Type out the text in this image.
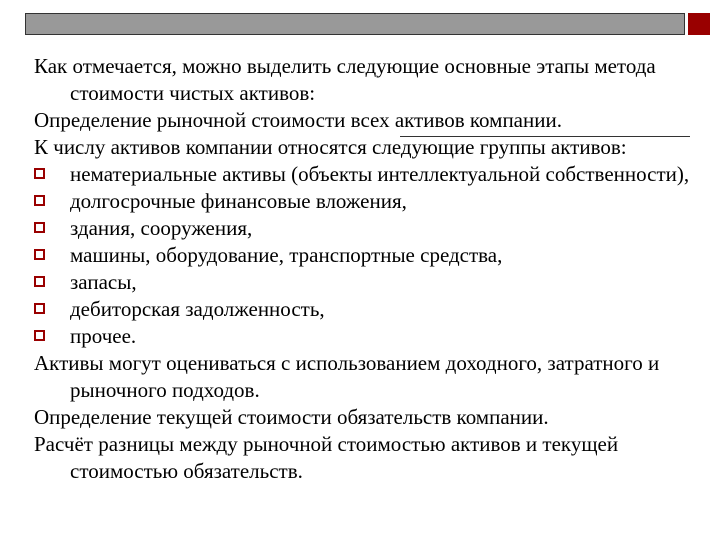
Как отмечается, можно выделить следующие основные этапы метода стоимости чистых активов:

Определение рыночной стоимости всех активов компании.

К числу активов компании относятся следующие группы активов:

нематериальные активы (объекты интеллектуальной собственности),

долгосрочные финансовые вложения,

здания, сооружения,

машины, оборудование, транспортные средства,

запасы,

дебиторская задолженность,

прочее.

Активы могут оцениваться с использованием доходного, затратного и рыночного подходов.

Определение текущей стоимости обязательств компании.

Расчёт разницы между рыночной стоимостью активов и текущей стоимостью обязательств.
